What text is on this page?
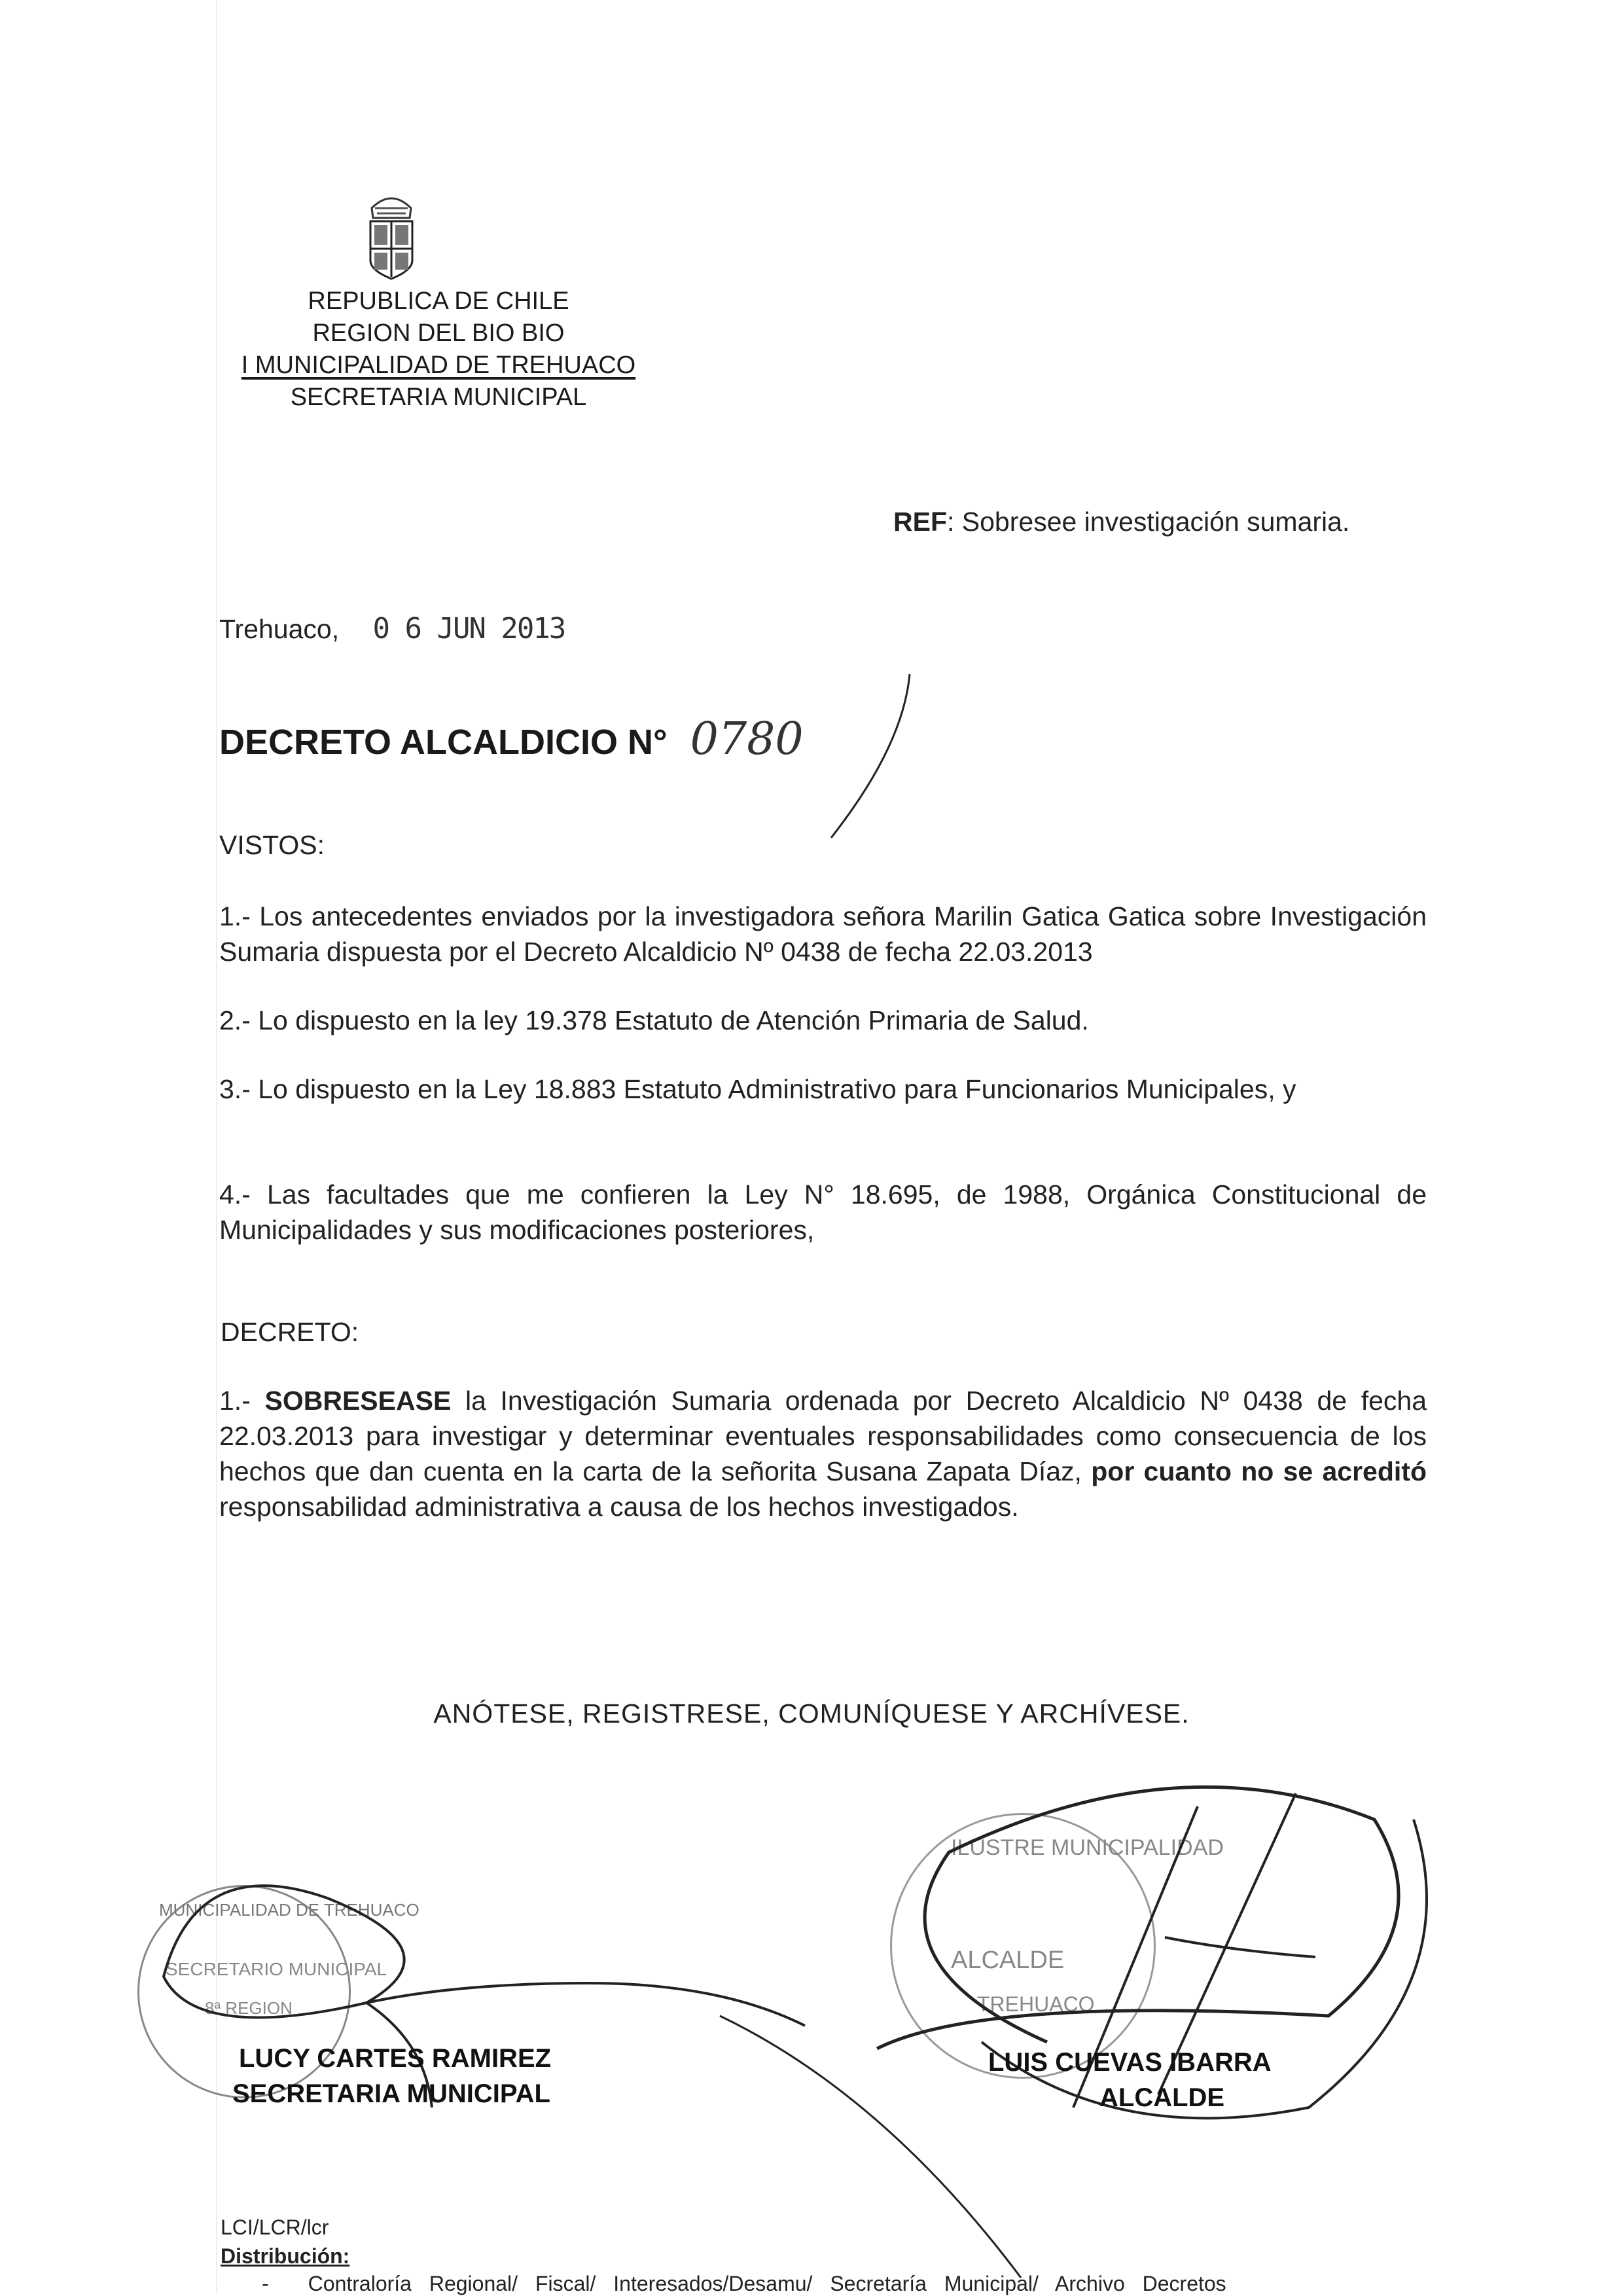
REPUBLICA DE CHILE
REGION DEL BIO BIO
I MUNICIPALIDAD DE TREHUACO
SECRETARIA MUNICIPAL
REF: Sobresee investigación sumaria.
Trehuaco, 0 6 JUN 2013
DECRETO ALCALDICIO N° 0780
VISTOS:
1.- Los antecedentes enviados por la investigadora señora Marilin Gatica Gatica sobre Investigación Sumaria dispuesta por el Decreto Alcaldicio Nº 0438 de fecha 22.03.2013
2.- Lo dispuesto en la ley 19.378 Estatuto de Atención Primaria de Salud.
3.- Lo dispuesto en la Ley 18.883 Estatuto Administrativo para Funcionarios Municipales, y
4.- Las facultades que me confieren la Ley N° 18.695, de 1988, Orgánica Constitucional de Municipalidades y sus modificaciones posteriores,
DECRETO:
1.- SOBRESEASE la Investigación Sumaria ordenada por Decreto Alcaldicio Nº 0438 de fecha 22.03.2013 para investigar y determinar eventuales responsabilidades como consecuencia de los hechos que dan cuenta en la carta de la señorita Susana Zapata Díaz, por cuanto no se acreditó responsabilidad administrativa a causa de los hechos investigados.
ANÓTESE, REGISTRESE, COMUNÍQUESE Y ARCHÍVESE.
MUNICIPALIDAD DE TREHUACO
SECRETARIO MUNICIPAL
8ª REGION
ILUSTRE MUNICIPALIDAD
ALCALDE
TREHUACO
LUCY CARTES RAMIREZ
SECRETARIA MUNICIPAL
LUIS CUEVAS IBARRA
ALCALDE
LCI/LCR/lcr
Distribución:
- Contraloría Regional/ Fiscal/ Interesados/Desamu/ Secretaría Municipal/ Archivo Decretos
